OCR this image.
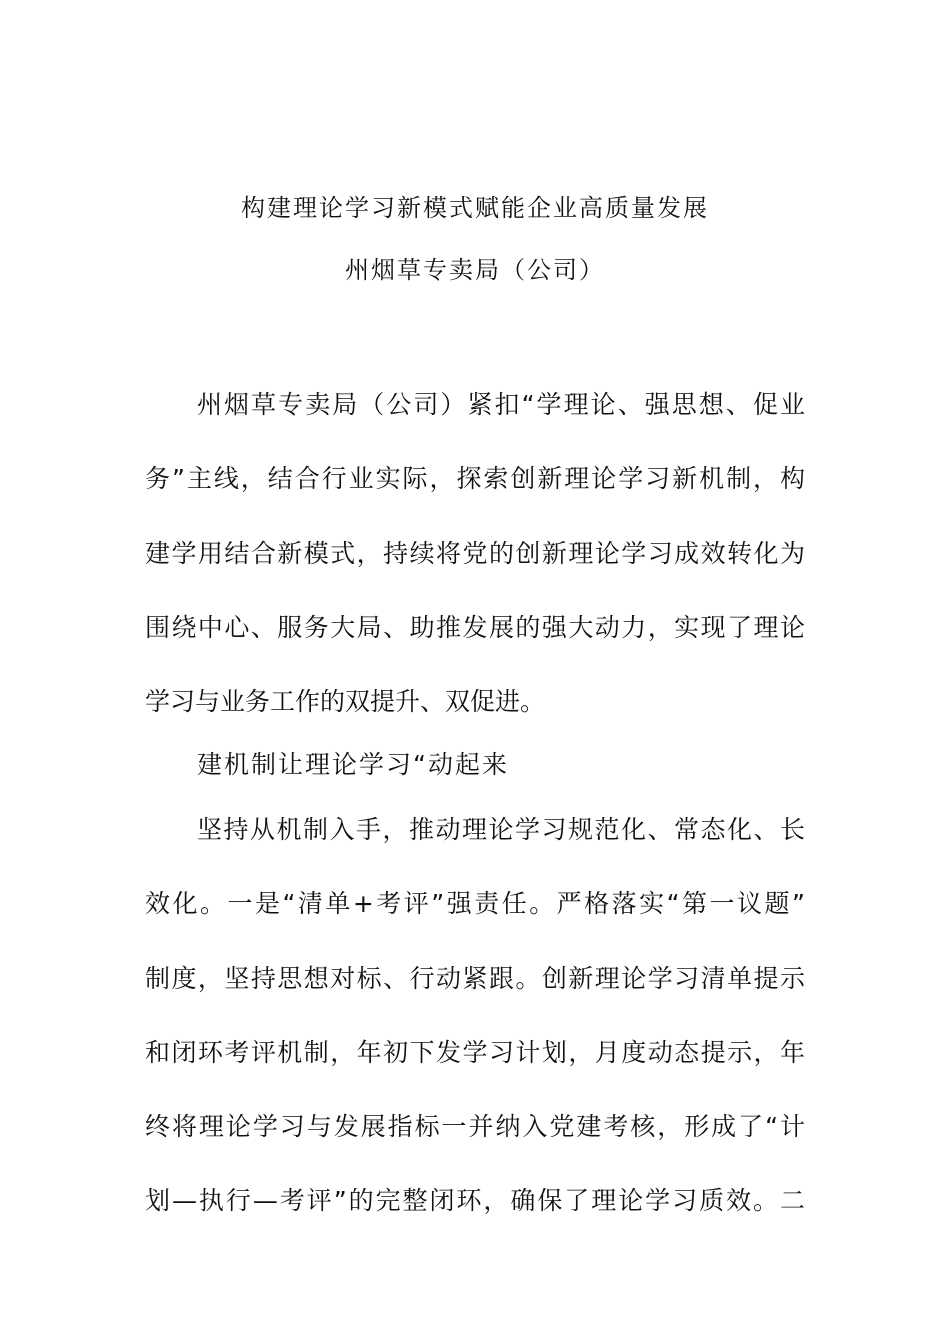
构建理论学习新模式赋能企业高质量发展
州烟草专卖局（公司）
州烟草专卖局（公司）紧扣“学理论、强思想、促业
务”主线，结合行业实际，探索创新理论学习新机制，构
建学用结合新模式，持续将党的创新理论学习成效转化为
围绕中心、服务大局、助推发展的强大动力，实现了理论
学习与业务工作的双提升、双促进。
建机制让理论学习“动起来
坚持从机制入手，推动理论学习规范化、常态化、长
效化。一是“清单+考评”强责任。严格落实“第一议题”
制度，坚持思想对标、行动紧跟。创新理论学习清单提示
和闭环考评机制，年初下发学习计划，月度动态提示，年
终将理论学习与发展指标一并纳入党建考核，形成了“计
划—执行—考评”的完整闭环，确保了理论学习质效。二
